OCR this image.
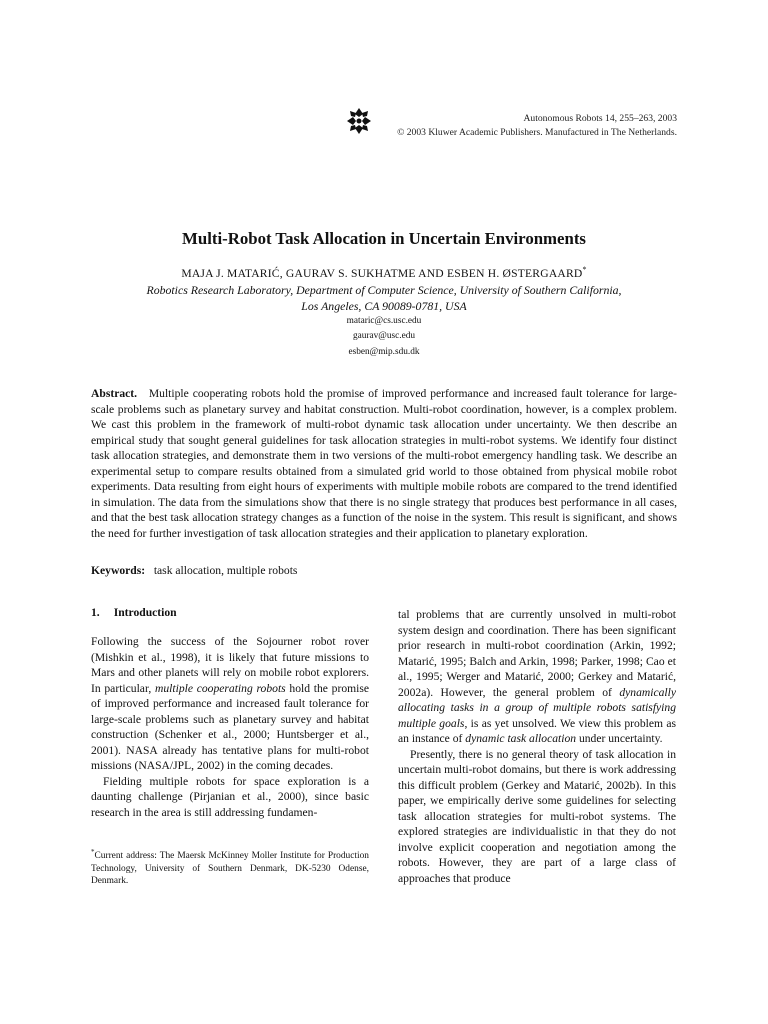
Autonomous Robots 14, 255–263, 2003
© 2003 Kluwer Academic Publishers. Manufactured in The Netherlands.
Multi-Robot Task Allocation in Uncertain Environments
MAJA J. MATARIĆ, GAURAV S. SUKHATME AND ESBEN H. ØSTERGAARD*
Robotics Research Laboratory, Department of Computer Science, University of Southern California,
Los Angeles, CA 90089-0781, USA
mataric@cs.usc.edu
gaurav@usc.edu
esben@mip.sdu.dk
Abstract. Multiple cooperating robots hold the promise of improved performance and increased fault tolerance for large-scale problems such as planetary survey and habitat construction. Multi-robot coordination, however, is a complex problem. We cast this problem in the framework of multi-robot dynamic task allocation under uncertainty. We then describe an empirical study that sought general guidelines for task allocation strategies in multi-robot systems. We identify four distinct task allocation strategies, and demonstrate them in two versions of the multi-robot emergency handling task. We describe an experimental setup to compare results obtained from a simulated grid world to those obtained from physical mobile robot experiments. Data resulting from eight hours of experiments with multiple mobile robots are compared to the trend identified in simulation. The data from the simulations show that there is no single strategy that produces best performance in all cases, and that the best task allocation strategy changes as a function of the noise in the system. This result is significant, and shows the need for further investigation of task allocation strategies and their application to planetary exploration.
Keywords: task allocation, multiple robots
1. Introduction

Following the success of the Sojourner robot rover (Mishkin et al., 1998), it is likely that future missions to Mars and other planets will rely on mobile robot explorers. In particular, multiple cooperating robots hold the promise of improved performance and increased fault tolerance for large-scale problems such as planetary survey and habitat construction (Schenker et al., 2000; Huntsberger et al., 2001). NASA already has tentative plans for multi-robot missions (NASA/JPL, 2002) in the coming decades.

Fielding multiple robots for space exploration is a daunting challenge (Pirjanian et al., 2000), since basic research in the area is still addressing fundamen-

*Current address: The Maersk McKinney Moller Institute for Production Technology, University of Southern Denmark, DK-5230 Odense, Denmark.

tal problems that are currently unsolved in multi-robot system design and coordination. There has been significant prior research in multi-robot coordination (Arkin, 1992; Matarić, 1995; Balch and Arkin, 1998; Parker, 1998; Cao et al., 1995; Werger and Matarić, 2000; Gerkey and Matarić, 2002a). However, the general problem of dynamically allocating tasks in a group of multiple robots satisfying multiple goals, is as yet unsolved. We view this problem as an instance of dynamic task allocation under uncertainty.

Presently, there is no general theory of task allocation in uncertain multi-robot domains, but there is work addressing this difficult problem (Gerkey and Matarić, 2002b). In this paper, we empirically derive some guidelines for selecting task allocation strategies for multi-robot systems. The explored strategies are individualistic in that they do not involve explicit cooperation and negotiation among the robots. However, they are part of a large class of approaches that produce
